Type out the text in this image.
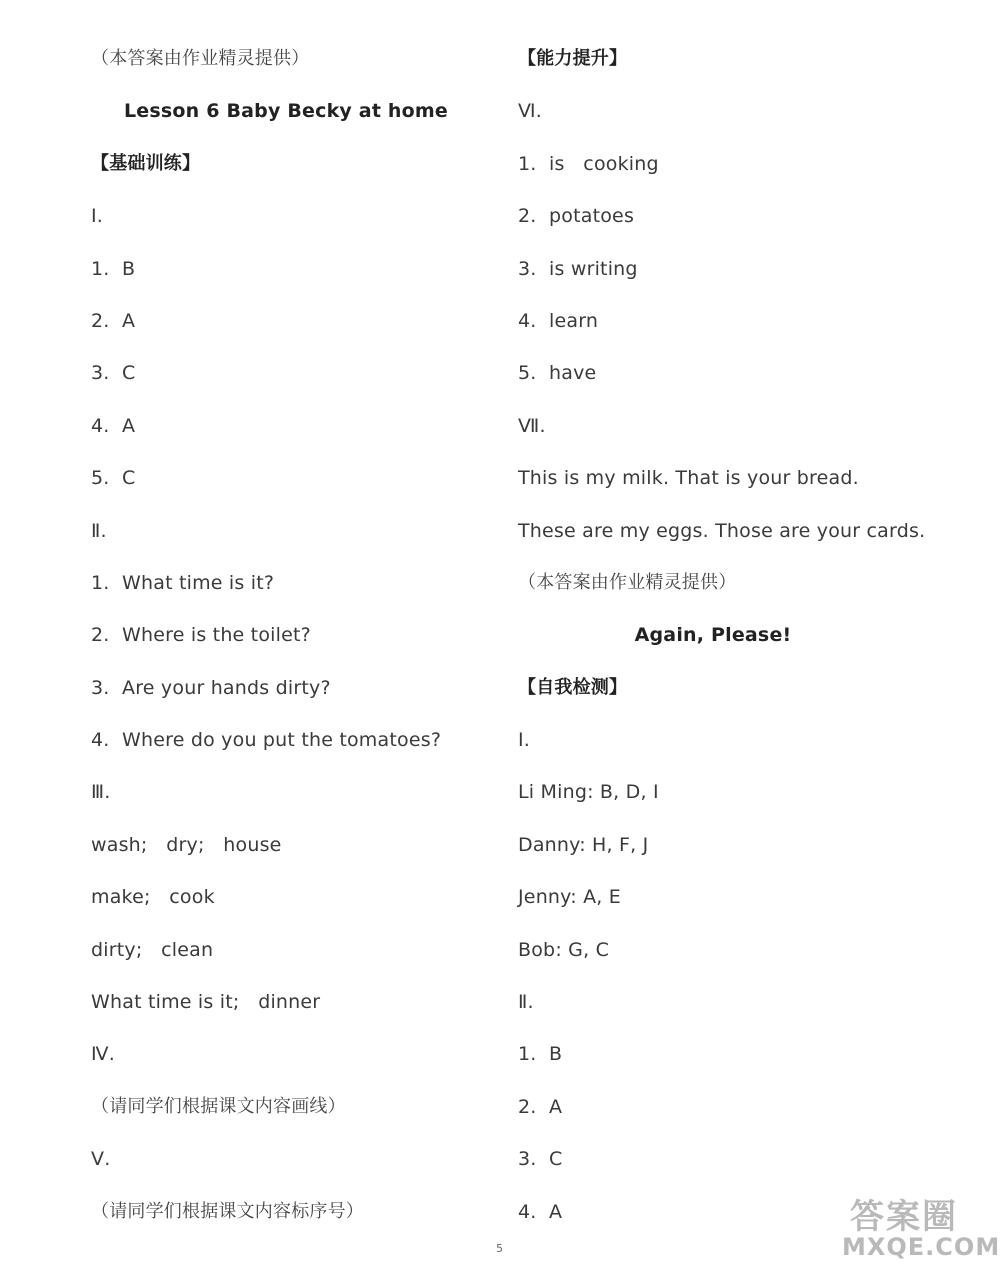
（本答案由作业精灵提供）
Lesson 6 Baby Becky at home
【基础训练】
Ⅰ.
1.  B
2.  A
3.  C
4.  A
5.  C
Ⅱ.
1.  What time is it?
2.  Where is the toilet?
3.  Are your hands dirty?
4.  Where do you put the tomatoes?
Ⅲ.
wash;   dry;   house
make;   cook
dirty;   clean
What time is it;   dinner
Ⅳ.
（请同学们根据课文内容画线）
Ⅴ.
（请同学们根据课文内容标序号）
【能力提升】
Ⅵ.
1.  is   cooking
2.  potatoes
3.  is writing
4.  learn
5.  have
Ⅶ.
This is my milk. That is your bread.
These are my eggs. Those are your cards.
（本答案由作业精灵提供）
Again, Please!
【自我检测】
Ⅰ.
Li Ming: B, D, I
Danny: H, F, J
Jenny: A, E
Bob: G, C
Ⅱ.
1.  B
2.  A
3.  C
4.  A
5
答案圈
MXQE.COM
